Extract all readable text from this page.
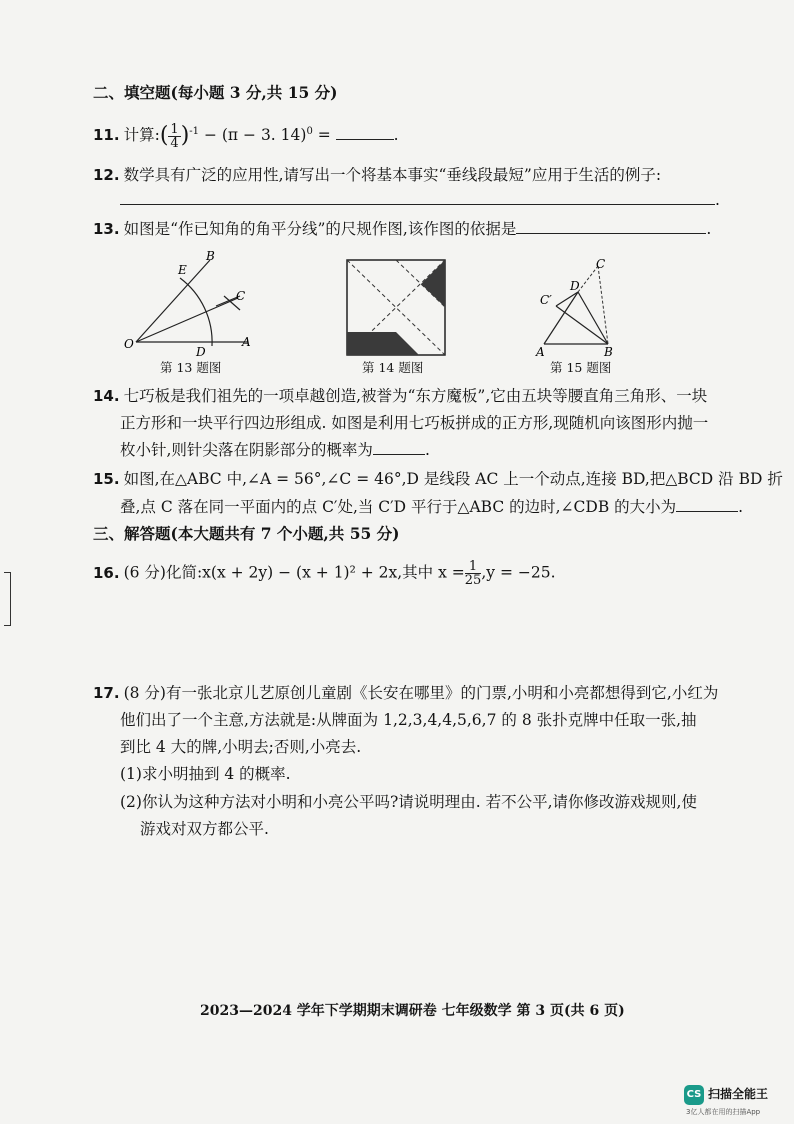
二、填空题(每小题 3 分,共 15 分)
11. 计算:( $\frac{1}{4} )^{-1} - (\pi - 3$. 14)$^0$ =	.
12. 数学具有广泛的应用性,请写出一个将基本事实“垂线段最短”应用于生活的例子:
.
13. 如图是“作已知角的角平分线”的尺规作图,该作图的依据是	.
O	A
B
C
D
E
第 13 题图	第 14 题图
A	B
C
D
C′
第 15 题图
14. 七巧板是我们祖先的一项卓越创造,被誉为“东方魔板”,它由五块等腰直角三角形、一块
正方形和一块平行四边形组成. 如图是利用七巧板拼成的正方形,现随机向该图形内抛一
枚小针,则针尖落在阴影部分的概率为	.
15. 如图,在△ABC 中,∠A = 56°,∠C = 46°,D 是线段 AC 上一个动点,连接 BD,把△BCD 沿 BD 折
叠,点 C 落在同一平面内的点 C′处,当 C′D 平行于△ABC 的边时,∠CDB 的大小为	.
三、解答题(本大题共有 7 个小题,共 55 分)
16. (6 分)化简:x(x + 2y) − (x + 1)² + 2x,其中 $x = \frac{1}{25} ,y = -25$.
17. (8 分)有一张北京儿艺原创儿童剧《长安在哪里》的门票,小明和小亮都想得到它,小红为
他们出了一个主意,方法就是:从牌面为 1,2,3,4,4,5,6,7 的 8 张扑克牌中任取一张,抽
到比 4 大的牌,小明去;否则,小亮去.
(1)求小明抽到 4 的概率.
(2)你认为这种方法对小明和小亮公平吗?请说明理由. 若不公平,请你修改游戏规则,使
游戏对双方都公平.
2023—2024 学年下学期期末调研卷 七年级数学 第 3 页(共 6 页)
CS 扫描全能王
3亿人都在用的扫描App
